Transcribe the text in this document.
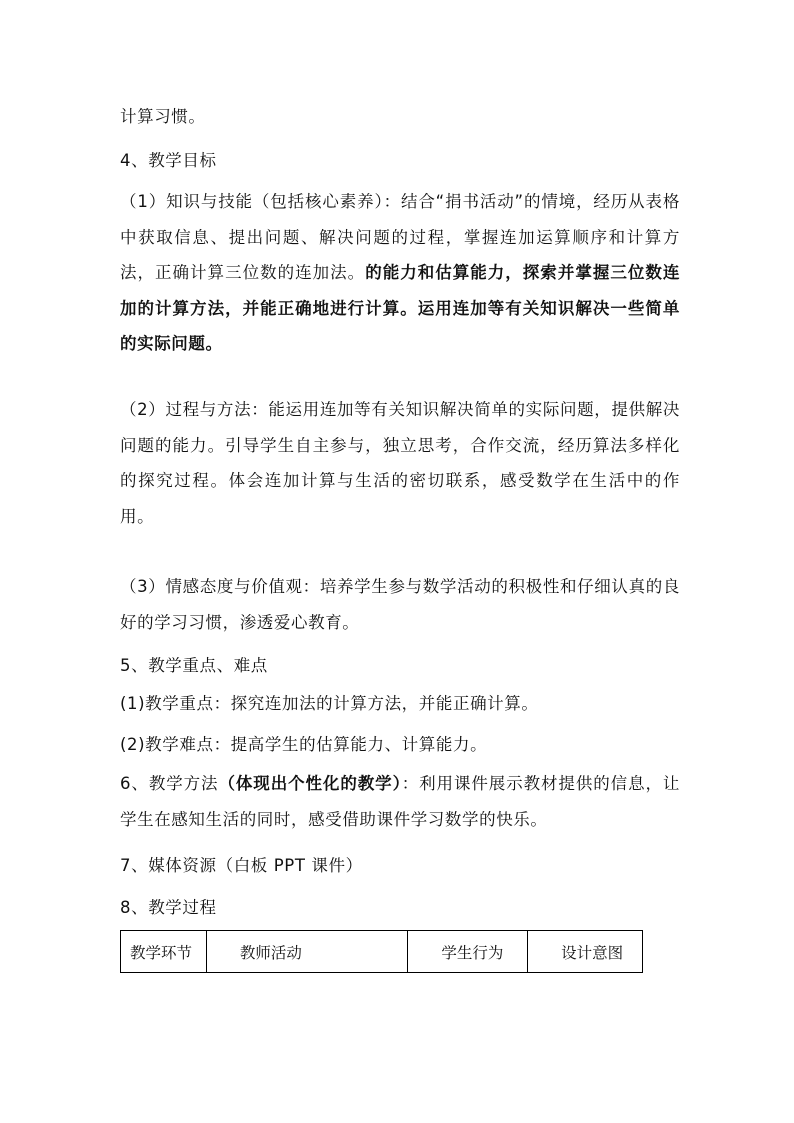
计算习惯。

4、教学目标

（1）知识与技能（包括核心素养）：结合“捐书活动”的情境，经历从表格中获取信息、提出问题、解决问题的过程，掌握连加运算顺序和计算方法，正确计算三位数的连加法。的能力和估算能力，探索并掌握三位数连加的计算方法，并能正确地进行计算。运用连加等有关知识解决一些简单的实际问题。

（2）过程与方法：能运用连加等有关知识解决简单的实际问题，提供解决问题的能力。引导学生自主参与，独立思考，合作交流，经历算法多样化的探究过程。体会连加计算与生活的密切联系，感受数学在生活中的作用。

（3）情感态度与价值观：培养学生参与数学活动的积极性和仔细认真的良好的学习习惯，渗透爱心教育。

5、教学重点、难点

(1)教学重点：探究连加法的计算方法，并能正确计算。

(2)教学难点：提高学生的估算能力、计算能力。

6、教学方法（体现出个性化的教学）：利用课件展示教材提供的信息，让学生在感知生活的同时，感受借助课件学习数学的快乐。

7、媒体资源（白板 PPT 课件）

8、教学过程

教学环节	教师活动	学生行为	设计意图
